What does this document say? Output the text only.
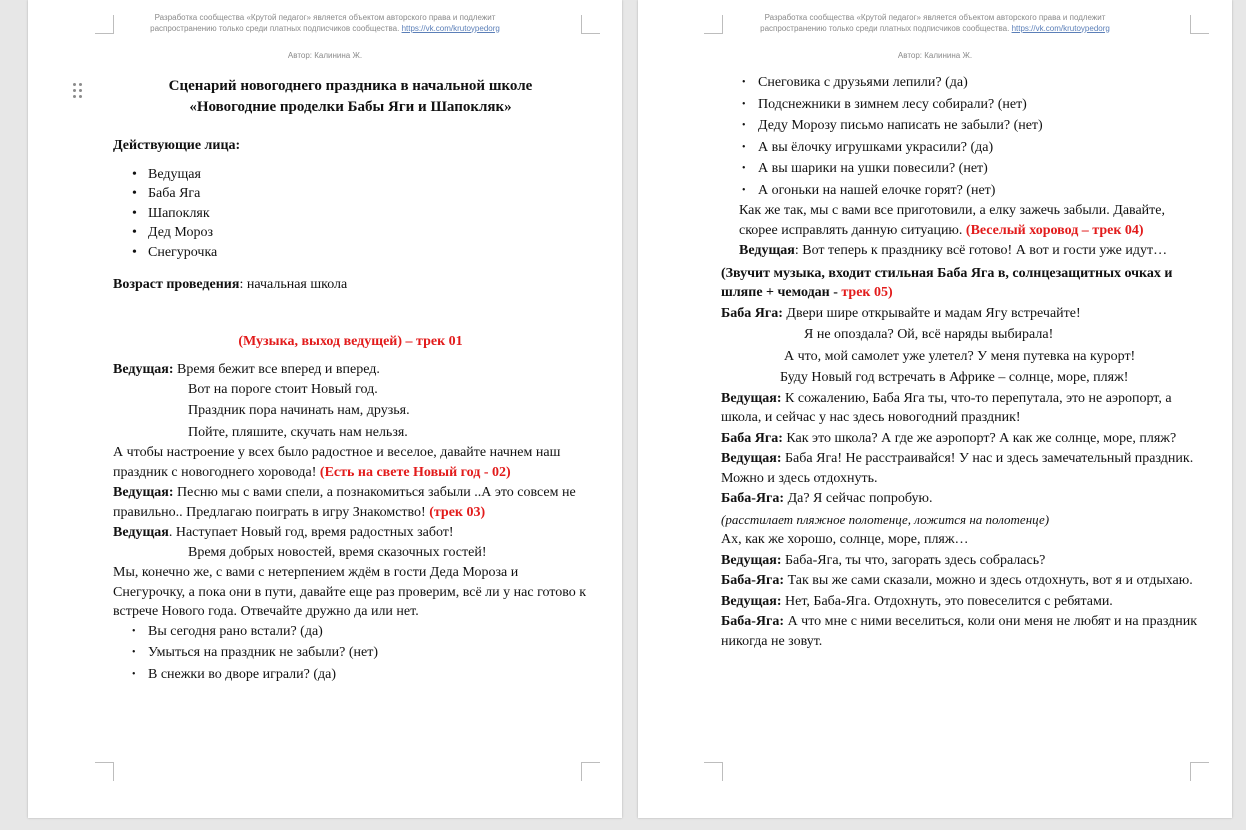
Разработка сообщества «Крутой педагог» является объектом авторского права и подлежит
распространению только среди платных подписчиков сообщества. https://vk.com/krutoypedorg
Автор: Калинина Ж.
Сценарий новогоднего праздника в начальной школе
«Новогодние проделки Бабы Яги и Шапокляк»

Действующие лица:

• Ведущая
• Баба Яга
• Шапокляк
• Дед Мороз
• Снегурочка

Возраст проведения: начальная школа

(Музыка, выход ведущей) – трек 01

Ведущая: Время бежит все вперед и вперед.

Вот на пороге стоит Новый год.

Праздник пора начинать нам, друзья.

Пойте, пляшите, скучать нам нельзя.

А чтобы настроение у всех было радостное и веселое, давайте начнем наш праздник с новогоднего хоровода! (Есть на свете Новый год - 02)

Ведущая: Песню мы с вами спели, а познакомиться забыли ..А это совсем не правильно.. Предлагаю поиграть в игру Знакомство! (трек 03)

Ведущая. Наступает Новый год, время радостных забот!

Время добрых новостей, время сказочных гостей!

Мы, конечно же, с вами с нетерпением ждём в гости Деда Мороза и Снегурочку, а пока они в пути, давайте еще раз проверим, всё ли у нас готово к встрече Нового года. Отвечайте дружно да или нет.

• Вы сегодня рано встали? (да)
• Умыться на праздник не забыли? (нет)
• В снежки во дворе играли? (да)
Разработка сообщества «Крутой педагог» является объектом авторского права и подлежит
распространению только среди платных подписчиков сообщества. https://vk.com/krutoypedorg
Автор: Калинина Ж.
• Снеговика с друзьями лепили? (да)
• Подснежники в зимнем лесу собирали? (нет)
• Деду Морозу письмо написать не забыли? (нет)
• А вы ёлочку игрушками украсили? (да)
• А вы шарики на ушки повесили? (нет)
• А огоньки на нашей елочке горят? (нет)

Как же так, мы с вами все приготовили, а елку зажечь забыли. Давайте, скорее исправлять данную ситуацию. (Веселый хоровод – трек 04)

Ведущая: Вот теперь к празднику всё готово! А вот и гости уже идут…

(Звучит музыка, входит стильная Баба Яга в, солнцезащитных очках и шляпе + чемодан - трек 05)

Баба Яга: Двери шире открывайте и мадам Ягу встречайте!

Я не опоздала? Ой, всё наряды выбирала!

А что, мой самолет уже улетел? У меня путевка на курорт!

Буду Новый год встречать в Африке – солнце, море, пляж!

Ведущая: К сожалению, Баба Яга ты, что-то перепутала, это не аэропорт, а школа, и сейчас у нас здесь новогодний праздник!

Баба Яга: Как это школа? А где же аэропорт? А как же солнце, море, пляж?

Ведущая: Баба Яга! Не расстраивайся! У нас и здесь замечательный праздник. Можно и здесь отдохнуть.

Баба-Яга: Да? Я сейчас попробую.

(расстилает пляжное полотенце, ложится на полотенце)

Ах, как же хорошо, солнце, море, пляж…

Ведущая: Баба-Яга, ты что, загорать здесь собралась?

Баба-Яга: Так вы же сами сказали, можно и здесь отдохнуть, вот я и отдыхаю.

Ведущая: Нет, Баба-Яга. Отдохнуть, это повеселится с ребятами.

Баба-Яга: А что мне с ними веселиться, коли они меня не любят и на праздник никогда не зовут.
